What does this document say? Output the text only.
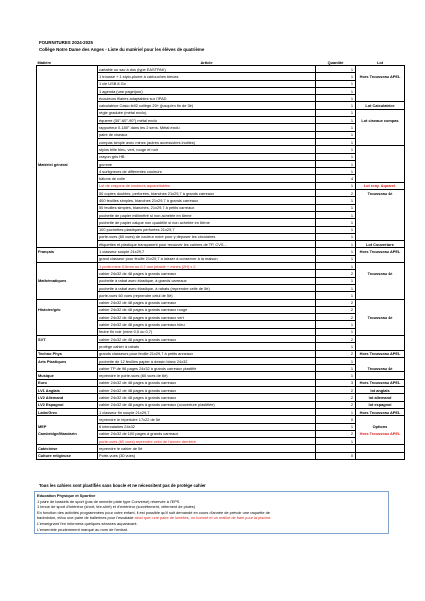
FOURNITURES 2024-2025
Collège Notre Dame des Anges - Liste du matériel pour les élèves de quatrième
Matière	Article	Quantité	Lot
	cartable ou sac à dos (type EASTPAK)	1	
	1 trousse + 1 stylo-plume à cartouches bleues	1	Hors Trousseau APEL
	1 clé USB 8 Go	1	
	1 agenda (une page/jour)	1	
	écouteurs filaires adaptables sur l'IPAD	1	
	calculatrice Casio fx92 collège 20+ (jusqu'en fin de 3è)	1	Lot Calculatrice
	règle graduée (métal exclu)	1	
	équerre (30°-60°-90°) métal exclu	1	Lot ciseaux compas
	rapporteur 0-180° dans les 2 sens. Métal exclu	1	
	paire de ciseaux	1	
	compas simple avec mines (autres accessoires inutiles)	1	
	stylos bille bleu, vert, rouge et noir	1	
	crayon gris HB	1	
Matériel général	gomme	1	
	4 surligneurs de différentes couleurs	1	
	bâtons de colle	4	
	Lot de crayons de couleurs aquarellables	1	Lot cray. Aquarel.
	50 copies doubles, perforées, blanches 21x29,7 à grands carreaux	2	Trousseau 4è
	400 feuilles simples, blanches 21x29,7 à grands carreaux	1	
	50 feuilles simples, blanches, 21x29,7 à petits carreaux	1	
	pochette de papier millimétré si non achetée en 6ème	1	
	pochette de papier calque non quadrillé si non achetée en 6ème	1	
	100 pochettes plastiques perforées 21x29,7	1	
	porte-vues (60 vues) de couleur noire pour y déposer les circulaires	1	
	étiquettes et plastique transparent pour recouvrir les cahiers de TP, CVS…	1	Lot Couverture
Français	1 classeur souple 21x29,7	1	Hors Trousseau APEL
	grand classeur pour feuille 21x29,7 à laisser à conserver à la maison	1	
	1 porte-mine 0,5mm ou 0,7 non jetable + mines (2H) x 2	1	
	cahier 24x32 de 48 pages à grands carreaux	2	Trousseau 4è
Mathématiques	pochette à rabat avec élastique, à grands carreaux	1	
	pochette à rabat avec élastique, à rabats (reprendre celle de 5è)	1	
	porte-vues 60 vues (reprendre celui de 5è)	1	
	cahier 24x32 de 48 pages à grands carreaux	2	
Histoire/géo	cahier 24x32 de 48 pages à grands carreaux rouge	2	
	cahier 24x32 de 48 pages à grands carreaux vert	2	Trousseau 4è
	cahier 24x32 de 48 pages à grands carreaux bleu	1	
	feutre fin noir (mine 0,5 ou 0,7)	1	
SVT	cahier 24x32 de 48 pages à grands carreaux	2	
	protège cahier à rabats	1	
Techno Phys	grands classeurs pour feuille 21x29,7 à petits anneaux	2	Hors Trousseau APEL
Arts Plastiques	pochette de 12 feuilles papier à dessin blanc 24x32	1	
	cahier TP de 96 pages 24x32 à grands carreaux plastifié	1	Trousseau 4è
Musique	reprendre le porte-vues (60 vues de 6è)	1	
Euro	cahier 24x32 de 48 pages à grands carreaux	3	Hors Trousseau APEL
LV1 Anglais	cahier 24x32 de 48 pages à grands carreaux	2	lot anglais
LV2 Allemand	cahier 24x32 de 48 pages à grands carreaux	2	lot allemand
LV2 Espagnol	cahier 24x32 de 48 pages à grands carreaux (couverture plastifiée)	2	lot espagnol
Latin/Grec	1 classeur fin souple 21x29,7	1	Hors Trousseau APEL
	reprendre le répertoire 17x22 de 5è	0	
MEP	6 intercalaires 24x32	1	Options
Cambridge/Mandarin	cahier 24x32 de 100 pages à grands carreaux	2	Hors Trousseau APEL
	porte-vues (60 vues) reprendre celui de l'année dernière	1	
Catéchèse	reprendre le cahier de 5è		
Culture religieuse	Porte-vues (30 vues)	0	
Tous les cahiers sont plastifiés sans boucle et ne nécessitent pas de protège cahier
Education Physique et Sportive
1 paire de baskets de sport (pas de semelle plate type Converse) réservée à l'EPS
1 tenue de sport d'intérieur (short, tee-shirt) et d'extérieur (survêtement, vêtement de pluies)
En fonction des activités programmées pour votre enfant, il est possible qu'il soit demandé en cours d'année de prévoir une raquette de
badminton, et/ou une paire de ballerines pour l'escalade ainsi que: une paire de lunettes, un bonnet et un maillot de bain pour la piscine.
L'enseignant l'en informera quelques séances auparavant.
L'ensemble prudemment marqué au nom de l'enfant.
